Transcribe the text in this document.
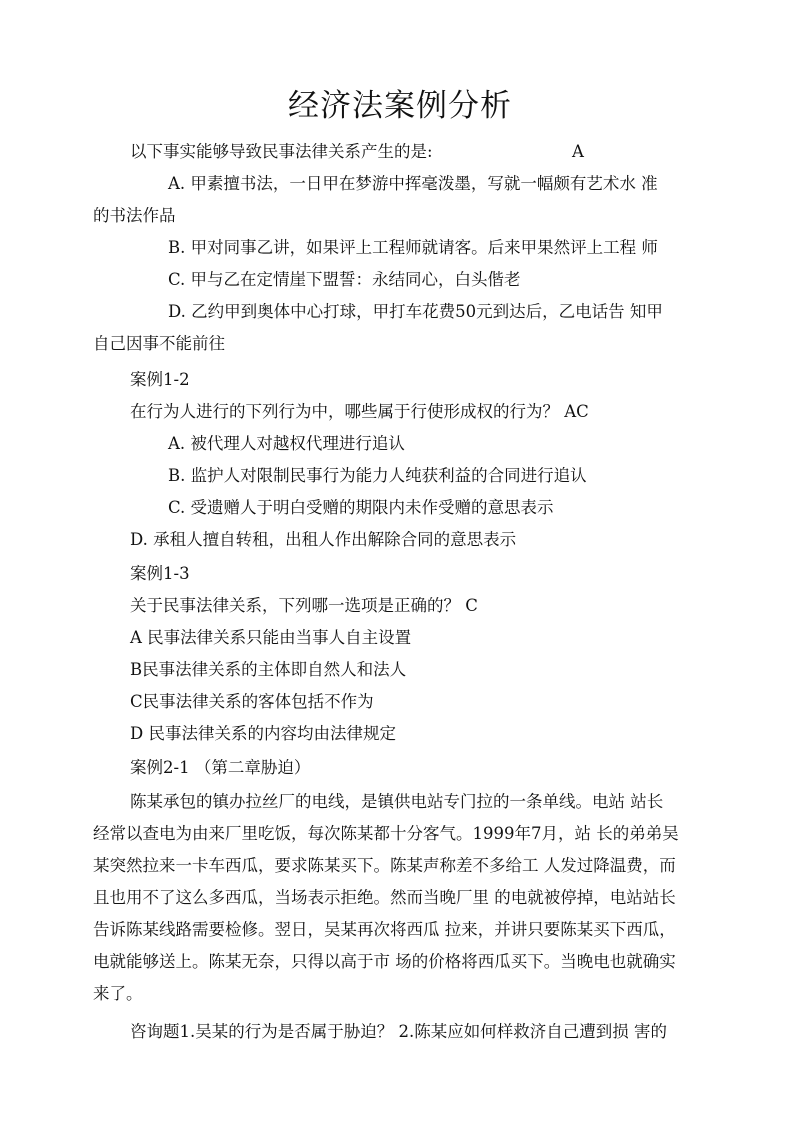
经济法案例分析

以下事实能够导致民事法律关系产生的是:	A

A. 甲素擅书法，一日甲在梦游中挥毫泼墨，写就一幅颇有艺术水 准

的书法作品

B. 甲对同事乙讲，如果评上工程师就请客。后来甲果然评上工程 师

C. 甲与乙在定情崖下盟誓：永结同心，白头偕老

D. 乙约甲到奥体中心打球，甲打车花费50元到达后，乙电话告 知甲

自己因事不能前往

案例1-2

在行为人进行的下列行为中，哪些属于行使形成权的行为？ AC

A. 被代理人对越权代理进行追认

B. 监护人对限制民事行为能力人纯获利益的合同进行追认

C. 受遗赠人于明白受赠的期限内未作受赠的意思表示

D. 承租人擅自转租，出租人作出解除合同的意思表示

案例1-3

关于民事法律关系，下列哪一选项是正确的？ C

A 民事法律关系只能由当事人自主设置

B民事法律关系的主体即自然人和法人

C民事法律关系的客体包括不作为

D 民事法律关系的内容均由法律规定

案例2-1 （第二章胁迫）

陈某承包的镇办拉丝厂的电线，是镇供电站专门拉的一条单线。电站 站长

经常以查电为由来厂里吃饭，每次陈某都十分客气。1999年7月，站 长的弟弟吴

某突然拉来一卡车西瓜，要求陈某买下。陈某声称差不多给工 人发过降温费，而

且也用不了这么多西瓜，当场表示拒绝。然而当晚厂里 的电就被停掉，电站站长

告诉陈某线路需要检修。翌日，吴某再次将西瓜 拉来，并讲只要陈某买下西瓜，

电就能够送上。陈某无奈，只得以高于市 场的价格将西瓜买下。当晚电也就确实

来了。

咨询题1.吴某的行为是否属于胁迫？ 2.陈某应如何样救济自己遭到损 害的
